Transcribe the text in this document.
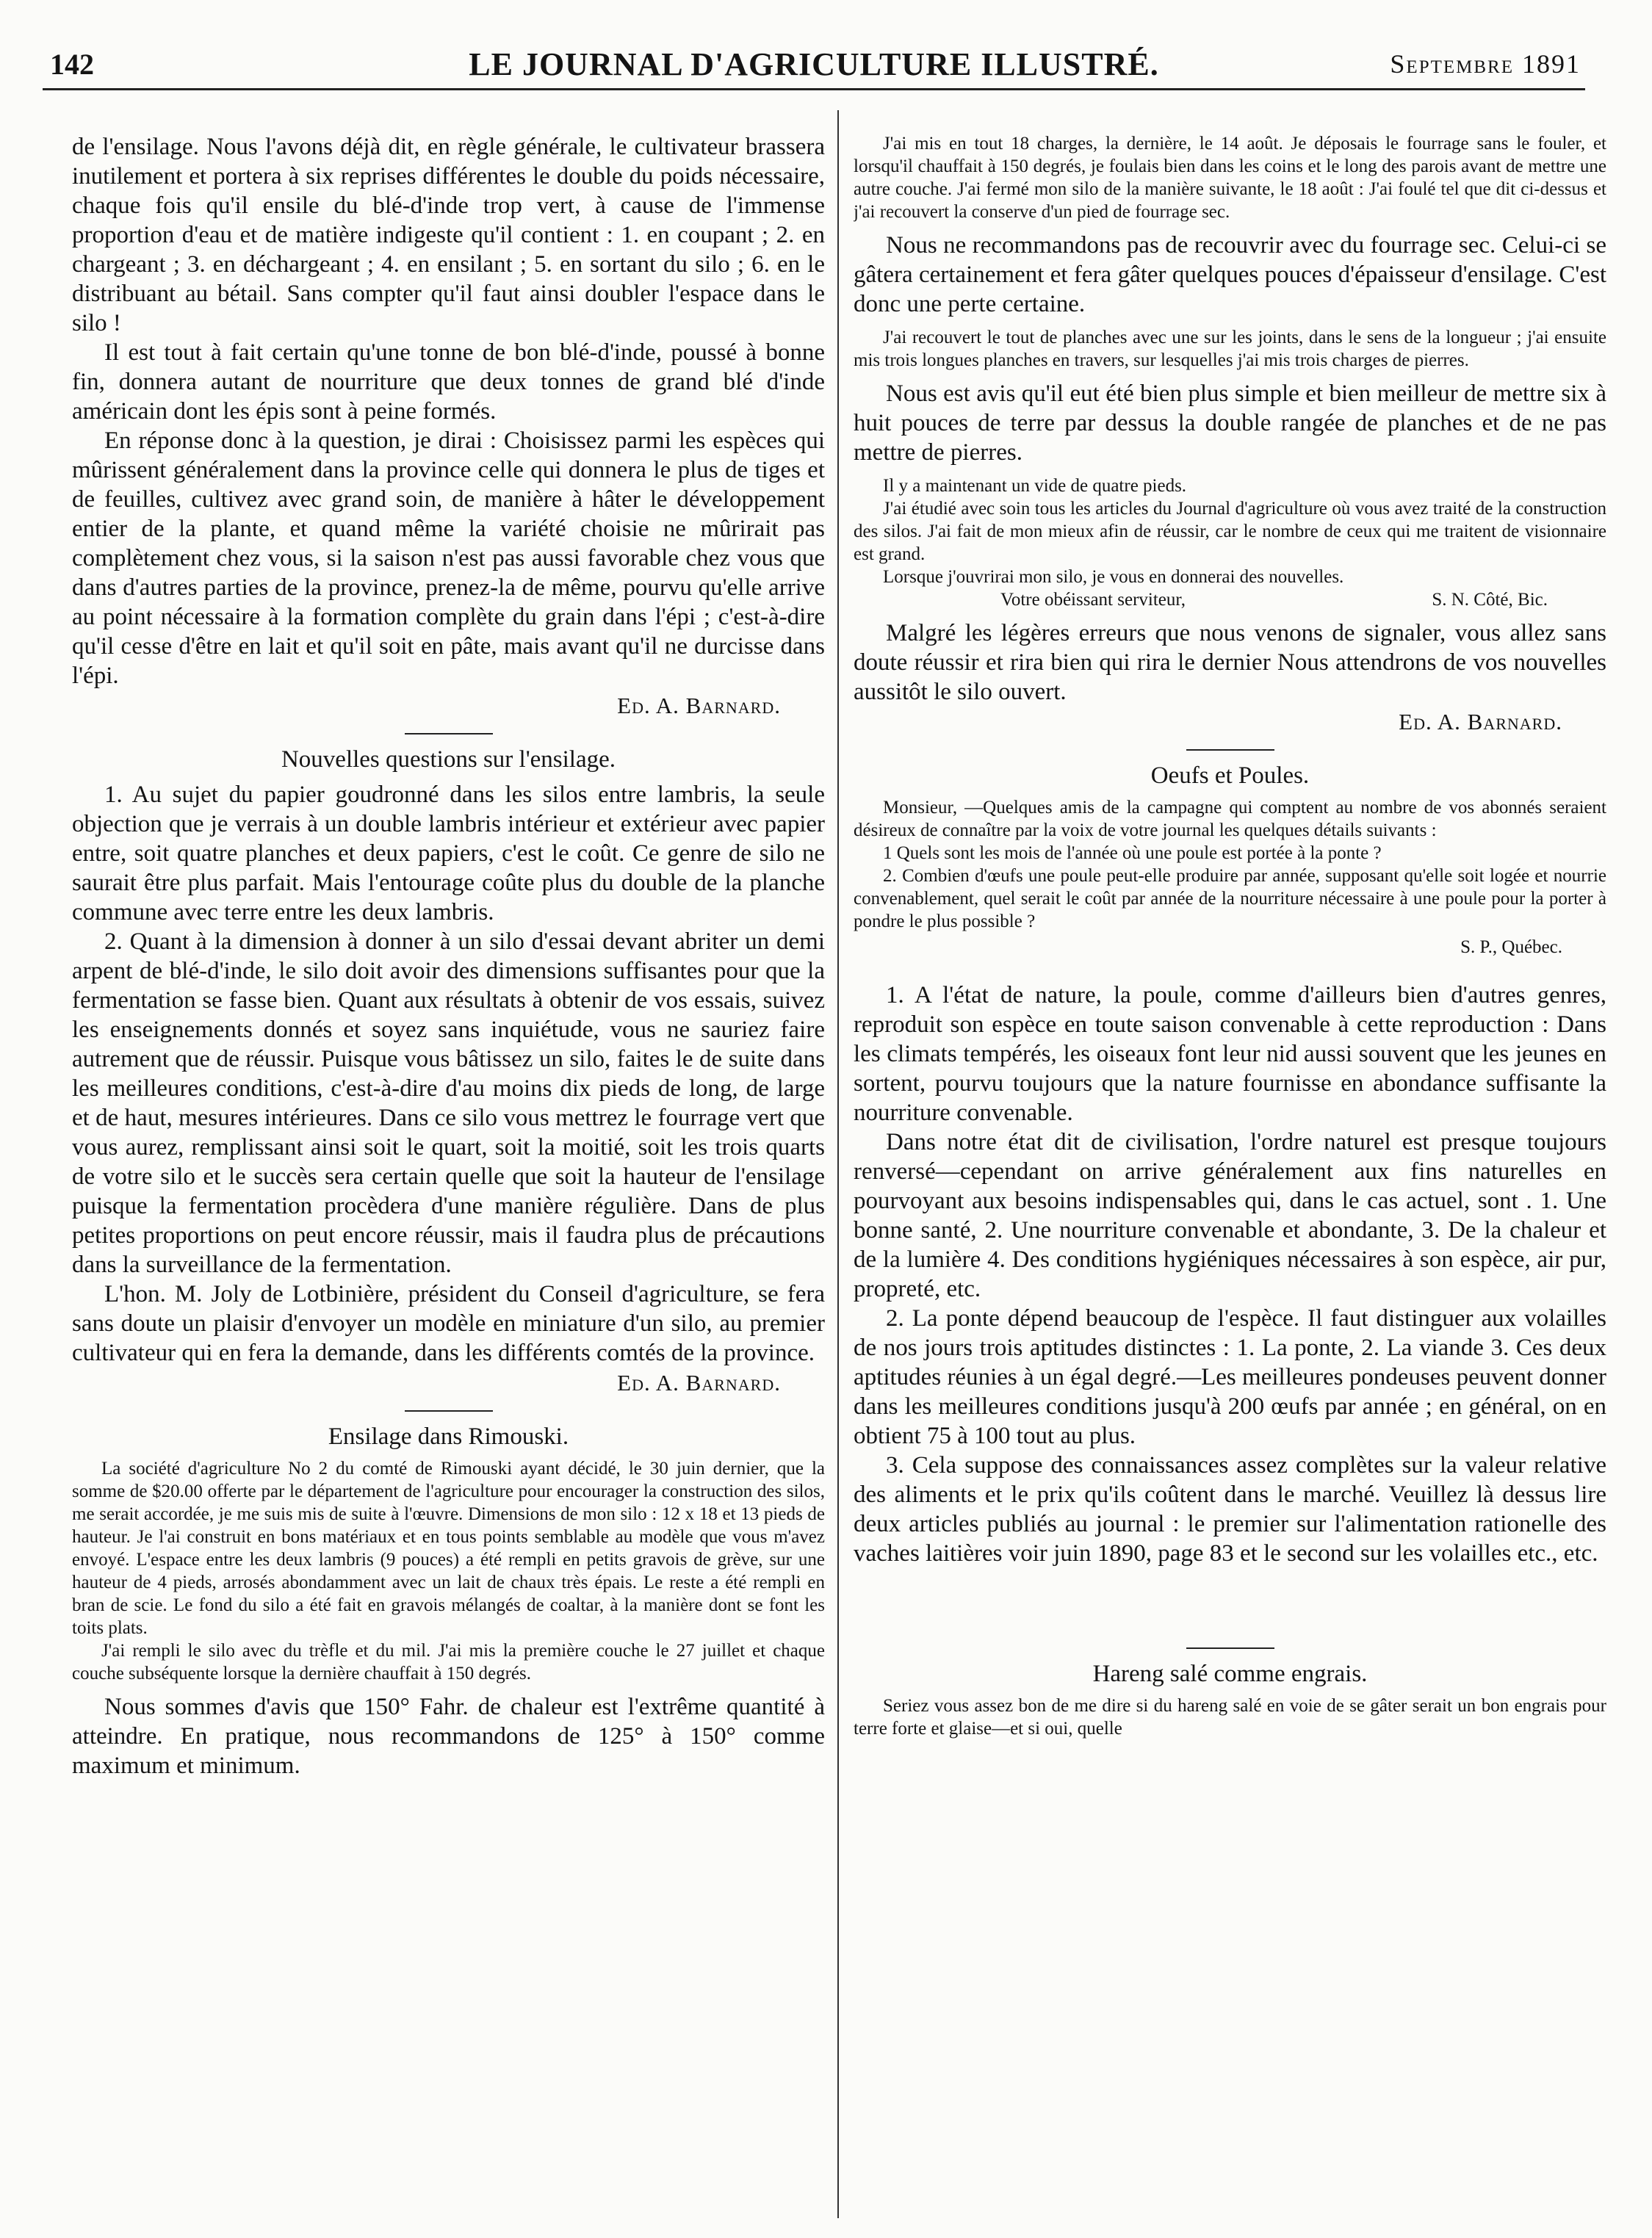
142	LE JOURNAL D'AGRICULTURE ILLUSTRÉ.	Septembre 1891

de l'ensilage. Nous l'avons déjà dit, en règle générale, le cultivateur brassera inutilement et portera à six reprises différentes le double du poids nécessaire, chaque fois qu'il ensile du blé-d'inde trop vert, à cause de l'immense proportion d'eau et de matière indigeste qu'il contient : 1. en coupant ; 2. en chargeant ; 3. en déchargeant ; 4. en ensilant ; 5. en sortant du silo ; 6. en le distribuant au bétail. Sans compter qu'il faut ainsi doubler l'espace dans le silo !

Il est tout à fait certain qu'une tonne de bon blé-d'inde, poussé à bonne fin, donnera autant de nourriture que deux tonnes de grand blé d'inde américain dont les épis sont à peine formés.

En réponse donc à la question, je dirai : Choisissez parmi les espèces qui mûrissent généralement dans la province celle qui donnera le plus de tiges et de feuilles, cultivez avec grand soin, de manière à hâter le développement entier de la plante, et quand même la variété choisie ne mûrirait pas complètement chez vous, si la saison n'est pas aussi favorable chez vous que dans d'autres parties de la province, prenez-la de même, pourvu qu'elle arrive au point nécessaire à la formation complète du grain dans l'épi ; c'est-à-dire qu'il cesse d'être en lait et qu'il soit en pâte, mais avant qu'il ne durcisse dans l'épi.

Ed. A. Barnard.
Nouvelles questions sur l'ensilage.

1. Au sujet du papier goudronné dans les silos entre lambris, la seule objection que je verrais à un double lambris intérieur et extérieur avec papier entre, soit quatre planches et deux papiers, c'est le coût. Ce genre de silo ne saurait être plus parfait. Mais l'entourage coûte plus du double de la planche commune avec terre entre les deux lambris.

2. Quant à la dimension à donner à un silo d'essai devant abriter un demi arpent de blé-d'inde, le silo doit avoir des dimensions suffisantes pour que la fermentation se fasse bien. Quant aux résultats à obtenir de vos essais, suivez les enseignements donnés et soyez sans inquiétude, vous ne sauriez faire autrement que de réussir. Puisque vous bâtissez un silo, faites le de suite dans les meilleures conditions, c'est-à-dire d'au moins dix pieds de long, de large et de haut, mesures intérieures. Dans ce silo vous mettrez le fourrage vert que vous aurez, remplissant ainsi soit le quart, soit la moitié, soit les trois quarts de votre silo et le succès sera certain quelle que soit la hauteur de l'ensilage puisque la fermentation procèdera d'une manière régulière. Dans de plus petites proportions on peut encore réussir, mais il faudra plus de précautions dans la surveillance de la fermentation.

L'hon. M. Joly de Lotbinière, président du Conseil d'agriculture, se fera sans doute un plaisir d'envoyer un modèle en miniature d'un silo, au premier cultivateur qui en fera la demande, dans les différents comtés de la province.

Ed. A. Barnard.
Ensilage dans Rimouski.

La société d'agriculture No 2 du comté de Rimouski ayant décidé, le 30 juin dernier, que la somme de $20.00 offerte par le département de l'agriculture pour encourager la construction des silos, me serait accordée, je me suis mis de suite à l'œuvre. Dimensions de mon silo : 12 x 18 et 13 pieds de hauteur. Je l'ai construit en bons matériaux et en tous points semblable au modèle que vous m'avez envoyé. L'espace entre les deux lambris (9 pouces) a été rempli en petits gravois de grève, sur une hauteur de 4 pieds, arrosés abondamment avec un lait de chaux très épais. Le reste a été rempli en bran de scie. Le fond du silo a été fait en gravois mélangés de coaltar, à la manière dont se font les toits plats.

J'ai rempli le silo avec du trèfle et du mil. J'ai mis la première couche le 27 juillet et chaque couche subséquente lorsque la dernière chauffait à 150 degrés.

Nous sommes d'avis que 150° Fahr. de chaleur est l'extrême quantité à atteindre. En pratique, nous recommandons de 125° à 150° comme maximum et minimum.

J'ai mis en tout 18 charges, la dernière, le 14 août. Je déposais le fourrage sans le fouler, et lorsqu'il chauffait à 150 degrés, je foulais bien dans les coins et le long des parois avant de mettre une autre couche. J'ai fermé mon silo de la manière suivante, le 18 août : J'ai foulé tel que dit ci-dessus et j'ai recouvert la conserve d'un pied de fourrage sec.

Nous ne recommandons pas de recouvrir avec du fourrage sec. Celui-ci se gâtera certainement et fera gâter quelques pouces d'épaisseur d'ensilage. C'est donc une perte certaine.

J'ai recouvert le tout de planches avec une sur les joints, dans le sens de la longueur ; j'ai ensuite mis trois longues planches en travers, sur lesquelles j'ai mis trois charges de pierres.

Nous est avis qu'il eut été bien plus simple et bien meilleur de mettre six à huit pouces de terre par dessus la double rangée de planches et de ne pas mettre de pierres.

Il y a maintenant un vide de quatre pieds.

J'ai étudié avec soin tous les articles du Journal d'agriculture où vous avez traité de la construction des silos. J'ai fait de mon mieux afin de réussir, car le nombre de ceux qui me traitent de visionnaire est grand.

Lorsque j'ouvrirai mon silo, je vous en donnerai des nouvelles.

Votre obéissant serviteur,	S. N. Côté, Bic.

Malgré les légères erreurs que nous venons de signaler, vous allez sans doute réussir et rira bien qui rira le dernier Nous attendrons de vos nouvelles aussitôt le silo ouvert.

Ed. A. Barnard.
Oeufs et Poules.

Monsieur, —Quelques amis de la campagne qui comptent au nombre de vos abonnés seraient désireux de connaître par la voix de votre journal les quelques détails suivants :

1 Quels sont les mois de l'année où une poule est portée à la ponte ?

2. Combien d'œufs une poule peut-elle produire par année, supposant qu'elle soit logée et nourrie convenablement, quel serait le coût par année de la nourriture nécessaire à une poule pour la porter à pondre le plus possible ?

S. P., Québec.

1. A l'état de nature, la poule, comme d'ailleurs bien d'autres genres, reproduit son espèce en toute saison convenable à cette reproduction : Dans les climats tempérés, les oiseaux font leur nid aussi souvent que les jeunes en sortent, pourvu toujours que la nature fournisse en abondance suffisante la nourriture convenable.

Dans notre état dit de civilisation, l'ordre naturel est presque toujours renversé—cependant on arrive généralement aux fins naturelles en pourvoyant aux besoins indispensables qui, dans le cas actuel, sont . 1. Une bonne santé, 2. Une nourriture convenable et abondante, 3. De la chaleur et de la lumière 4. Des conditions hygiéniques nécessaires à son espèce, air pur, propreté, etc.

2. La ponte dépend beaucoup de l'espèce. Il faut distinguer aux volailles de nos jours trois aptitudes distinctes : 1. La ponte, 2. La viande 3. Ces deux aptitudes réunies à un égal degré.—Les meilleures pondeuses peuvent donner dans les meilleures conditions jusqu'à 200 œufs par année ; en général, on en obtient 75 à 100 tout au plus.

3. Cela suppose des connaissances assez complètes sur la valeur relative des aliments et le prix qu'ils coûtent dans le marché. Veuillez là dessus lire deux articles publiés au journal : le premier sur l'alimentation rationelle des vaches laitières voir juin 1890, page 83 et le second sur les volailles etc., etc.

Hareng salé comme engrais.

Seriez vous assez bon de me dire si du hareng salé en voie de se gâter serait un bon engrais pour terre forte et glaise—et si oui, quelle
